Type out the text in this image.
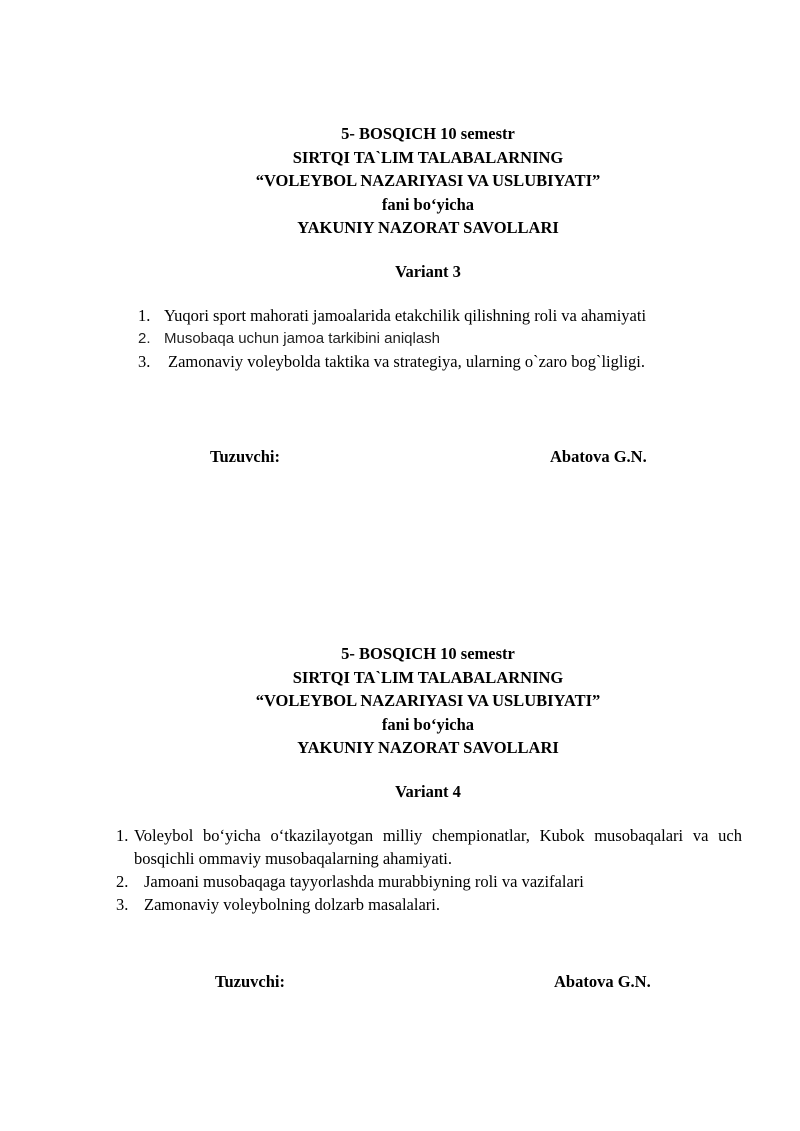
5- BOSQICH 10 semestr
SIRTQI TA`LIM TALABALARNING
“VOLEYBOL NAZARIYASI VA USLUBIYATI”
fani bo‘yicha
YAKUNIY NAZORAT SAVOLLARI
Variant 3
1. Yuqori sport mahorati jamoalarida etakchilik qilishning roli va ahamiyati
2. Musobaqa uchun jamoa tarkibini aniqlash
3. Zamonaviy voleybolda taktika va strategiya, ularning o`zaro bog`ligligi.
Tuzuvchi:	Abatova G.N.
5- BOSQICH 10 semestr
SIRTQI TA`LIM TALABALARNING
“VOLEYBOL NAZARIYASI VA USLUBIYATI”
fani bo‘yicha
YAKUNIY NAZORAT SAVOLLARI
Variant 4
1. Voleybol bo‘yicha o‘tkazilayotgan milliy chempionatlar, Kubok musobaqalari va uch bosqichli ommaviy musobaqalarning ahamiyati.
2. Jamoani musobaqaga tayyorlashda murabbiyning roli va vazifalari
3. Zamonaviy voleybolning dolzarb masalalari.
Tuzuvchi:	Abatova G.N.
